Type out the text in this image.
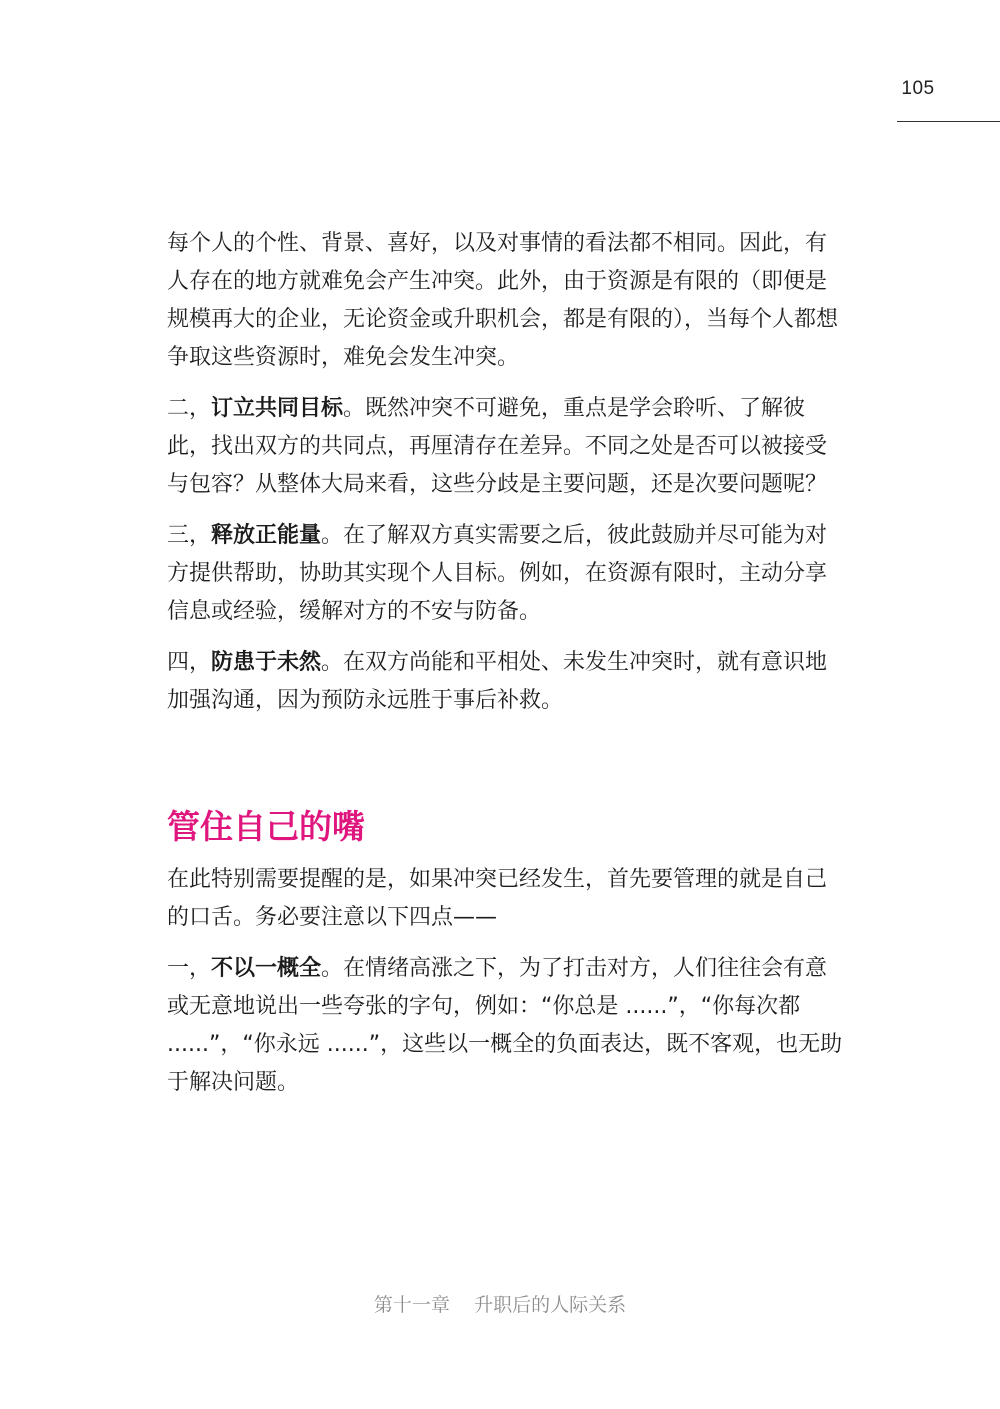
105

每个人的个性、背景、喜好，以及对事情的看法都不相同。因此，有人存在的地方就难免会产生冲突。此外，由于资源是有限的（即便是规模再大的企业，无论资金或升职机会，都是有限的），当每个人都想争取这些资源时，难免会发生冲突。

二，订立共同目标。既然冲突不可避免，重点是学会聆听、了解彼此，找出双方的共同点，再厘清存在差异。不同之处是否可以被接受与包容？从整体大局来看，这些分歧是主要问题，还是次要问题呢？

三，释放正能量。在了解双方真实需要之后，彼此鼓励并尽可能为对方提供帮助，协助其实现个人目标。例如，在资源有限时，主动分享信息或经验，缓解对方的不安与防备。

四，防患于未然。在双方尚能和平相处、未发生冲突时，就有意识地加强沟通，因为预防永远胜于事后补救。

管住自己的嘴

在此特别需要提醒的是，如果冲突已经发生，首先要管理的就是自己的口舌。务必要注意以下四点——

一，不以一概全。在情绪高涨之下，为了打击对方，人们往往会有意或无意地说出一些夸张的字句，例如：“你总是 ......”，“你每次都 ......”，“你永远 ......”，这些以一概全的负面表达，既不客观，也无助于解决问题。

第十一章    升职后的人际关系
